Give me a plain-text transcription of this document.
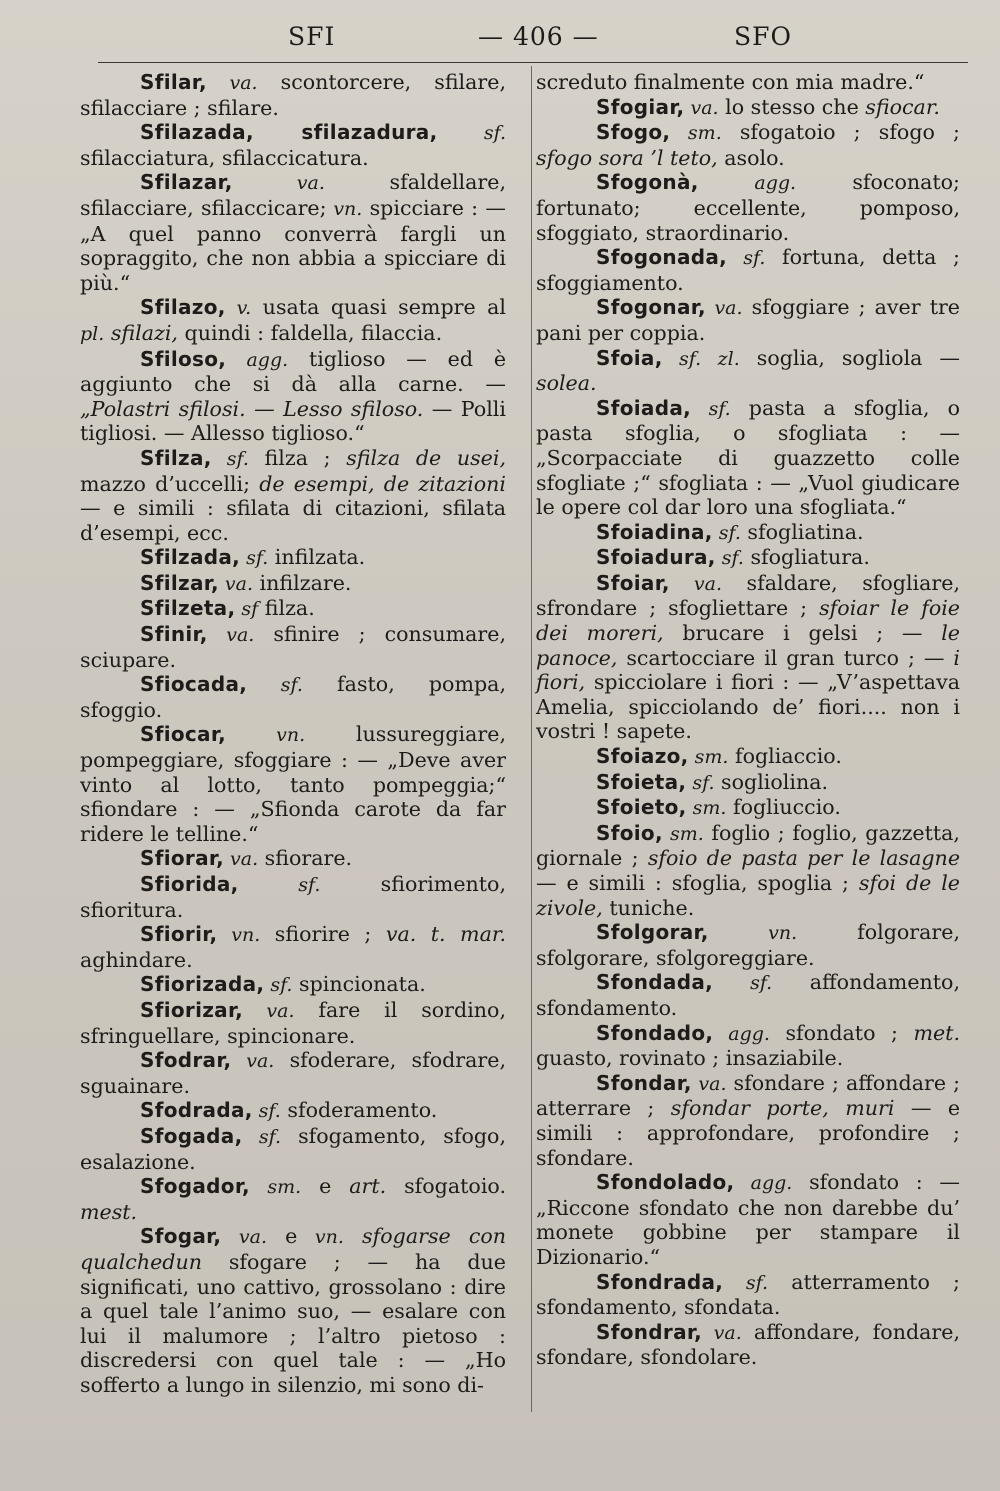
SFI	— 406 —	SFO

Sfilar, va. scontorcere, sfilare, sfilacciare ; sfilare.

Sfilazada, sfilazadura, sf. sfilacciatura, sfilaccicatura.

Sfilazar, va. sfaldellare, sfilacciare, sfilaccicare; vn. spicciare : — „A quel panno converrà fargli un sopraggito, che non abbia a spicciare di più.“

Sfilazo, v. usata quasi sempre al pl. sfilazi, quindi : faldella, filaccia.

Sfiloso, agg. tiglioso — ed è aggiunto che si dà alla carne. — „Polastri sfilosi. — Lesso sfiloso. — Polli tigliosi. — Allesso tiglioso.“

Sfilza, sf. filza ; sfilza de usei, mazzo d’uccelli; de esempi, de zitazioni — e simili : sfilata di citazioni, sfilata d’esempi, ecc.

Sfilzada, sf. infilzata.

Sfilzar, va. infilzare.

Sfilzeta, sf filza.

Sfinir, va. sfinire ; consumare, sciupare.

Sfiocada, sf. fasto, pompa, sfoggio.

Sfiocar, vn. lussureggiare, pompeggiare, sfoggiare : — „Deve aver vinto al lotto, tanto pompeggia;“ sfiondare : — „Sfionda carote da far ridere le telline.“

Sfiorar, va. sfiorare.

Sfiorida, sf. sfiorimento, sfioritura.

Sfiorir, vn. sfiorire ; va. t. mar. aghindare.

Sfiorizada, sf. spincionata.

Sfiorizar, va. fare il sordino, sfringuellare, spincionare.

Sfodrar, va. sfoderare, sfodrare, sguainare.

Sfodrada, sf. sfoderamento.

Sfogada, sf. sfogamento, sfogo, esalazione.

Sfogador, sm. e art. sfogatoio. mest.

Sfogar, va. e vn. sfogarse con qualchedun sfogare ; — ha due significati, uno cattivo, grossolano : dire a quel tale l’animo suo, — esalare con lui il malumore ; l’altro pietoso : discredersi con quel tale : — „Ho sofferto a lungo in silenzio, mi sono di-

screduto finalmente con mia madre.“

Sfogiar, va. lo stesso che sfiocar.

Sfogo, sm. sfogatoio ; sfogo ; sfogo sora ’l teto, asolo.

Sfogonà, agg. sfoconato; fortunato; eccellente, pomposo, sfoggiato, straordinario.

Sfogonada, sf. fortuna, detta ; sfoggiamento.

Sfogonar, va. sfoggiare ; aver tre pani per coppia.

Sfoia, sf. zl. soglia, sogliola — solea.

Sfoiada, sf. pasta a sfoglia, o pasta sfoglia, o sfogliata : — „Scorpacciate di guazzetto colle sfogliate ;“ sfogliata : — „Vuol giudicare le opere col dar loro una sfogliata.“

Sfoiadina, sf. sfogliatina.

Sfoiadura, sf. sfogliatura.

Sfoiar, va. sfaldare, sfogliare, sfrondare ; sfogliettare ; sfoiar le foie dei moreri, brucare i gelsi ; — le panoce, scartocciare il gran turco ; — i fiori, spicciolare i fiori : — „V’aspettava Amelia, spicciolando de’ fiori.... non i vostri ! sapete.

Sfoiazo, sm. fogliaccio.

Sfoieta, sf. sogliolina.

Sfoieto, sm. fogliuccio.

Sfoio, sm. foglio ; foglio, gazzetta, giornale ; sfoio de pasta per le lasagne — e simili : sfoglia, spoglia ; sfoi de le zivole, tuniche.

Sfolgorar, vn. folgorare, sfolgorare, sfolgoreggiare.

Sfondada, sf. affondamento, sfondamento.

Sfondado, agg. sfondato ; met. guasto, rovinato ; insaziabile.

Sfondar, va. sfondare ; affondare ; atterrare ; sfondar porte, muri — e simili : approfondare, profondire ; sfondare.

Sfondolado, agg. sfondato : — „Riccone sfondato che non darebbe du’ monete gobbine per stampare il Dizionario.“

Sfondrada, sf. atterramento ; sfondamento, sfondata.

Sfondrar, va. affondare, fondare, sfondare, sfondolare.
